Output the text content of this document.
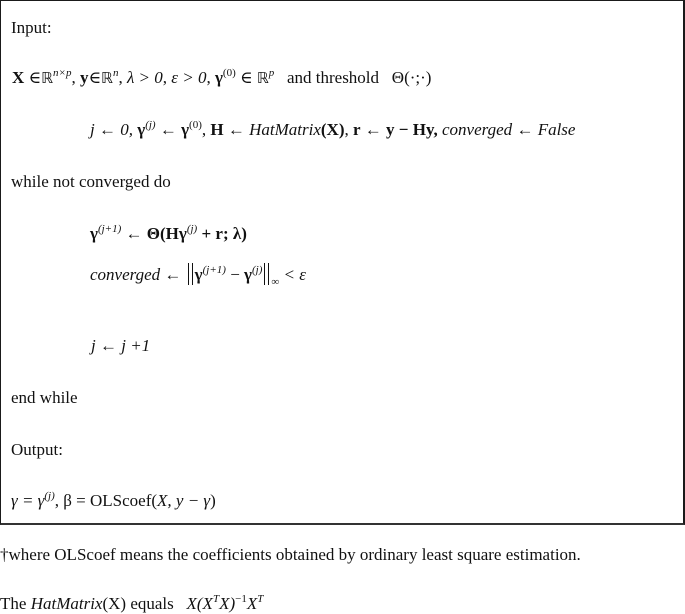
Input:
X ∈ℝ$^{n\times p}$, y∈ℝ$^n$, λ > 0, ε > 0, $\gamma^{(0)}$ ∈ ℝ$^p$ and threshold Θ(·;·)
j ← 0, $\gamma^{(j)}$ ← $\gamma^{(0)}$, H ← HatMatrix(X), r ← y − Hy, converged ← False
while not converged do
$\gamma^{(j+1)}$ ← $\Theta(H\gamma^{(j)} + r$; λ)
converged ← $\gamma^{(j+1)} - \gamma^{(j)}_\infty < \varepsilon$
j ← j +1
end while
Output:
$\gamma = \gamma^{(j)}$, β = OLScoef(X, y − γ)
†where OLScoef means the coefficients obtained by ordinary least square estimation.
The HatMatrix(X) equals $X(X^TX)^{-1}X^T$
